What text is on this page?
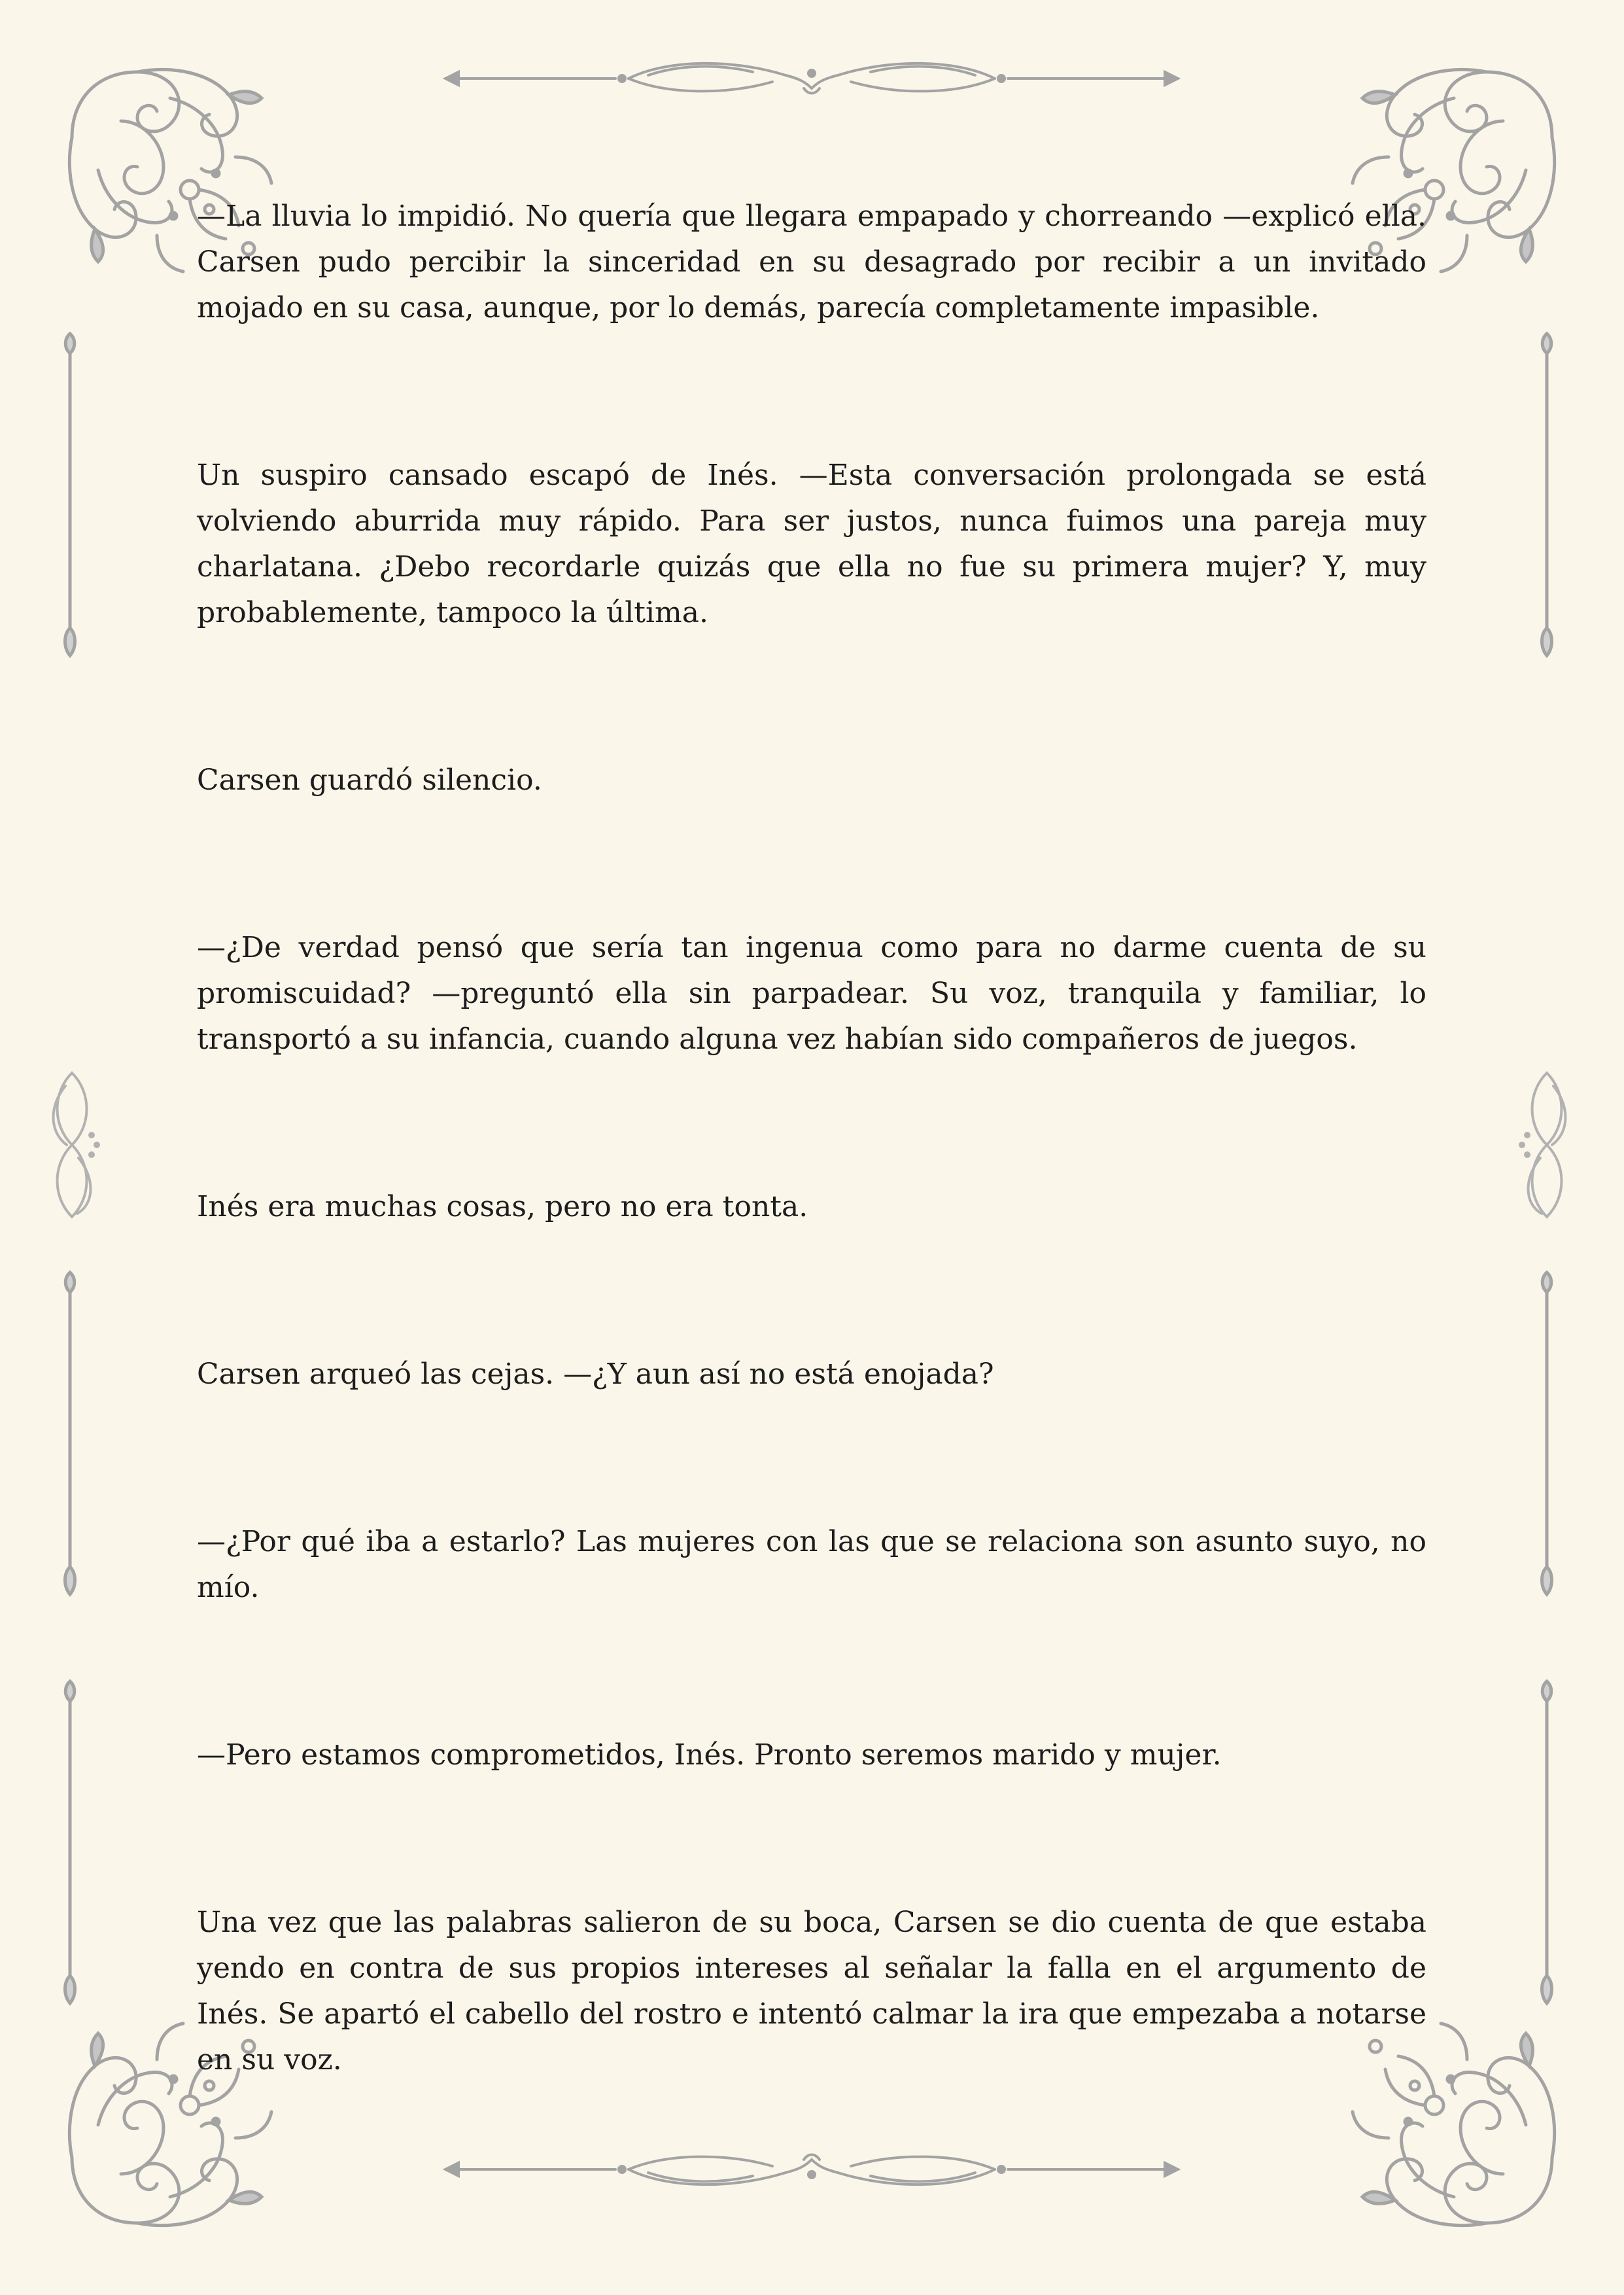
—La lluvia lo impidió. No quería que llegara empapado y chorreando —explicó ella. Carsen pudo percibir la sinceridad en su desagrado por recibir a un invitado mojado en su casa, aunque, por lo demás, parecía completamente impasible.

Un suspiro cansado escapó de Inés. —Esta conversación prolongada se está volviendo aburrida muy rápido. Para ser justos, nunca fuimos una pareja muy charlatana. ¿Debo recordarle quizás que ella no fue su primera mujer? Y, muy probablemente, tampoco la última.

Carsen guardó silencio.

—¿De verdad pensó que sería tan ingenua como para no darme cuenta de su promiscuidad? —preguntó ella sin parpadear. Su voz, tranquila y familiar, lo transportó a su infancia, cuando alguna vez habían sido compañeros de juegos.

Inés era muchas cosas, pero no era tonta.

Carsen arqueó las cejas. —¿Y aun así no está enojada?

—¿Por qué iba a estarlo? Las mujeres con las que se relaciona son asunto suyo, no mío.

—Pero estamos comprometidos, Inés. Pronto seremos marido y mujer.

Una vez que las palabras salieron de su boca, Carsen se dio cuenta de que estaba yendo en contra de sus propios intereses al señalar la falla en el argumento de Inés. Se apartó el cabello del rostro e intentó calmar la ira que empezaba a notarse en su voz.
